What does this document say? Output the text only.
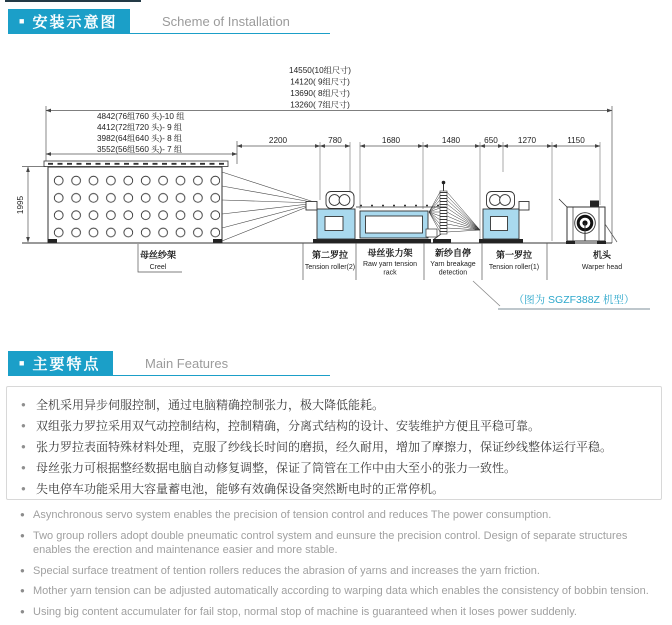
■ 安装示意图	Scheme of Installation
14550(10组尺寸)
14120( 9组尺寸)
13690( 8组尺寸)
13260( 7组尺寸)
4842(76组760 头)-10 组
4412(72组720 头)- 9 组
3982(64组640 头)- 8 组
3552(56组560 头)- 7 组
2200	780	1680	1480	650 1270	1150
1995
母丝纱架
Creel
第二罗拉
Tension roller(2)
母丝张力架
Raw yarn tension
rack
新纱自停
Yarn breakage
detection
第一罗拉
Tension roller(1)
机头
Warper head
（图为 SGZF388Z 机型）
■ 主要特点	Main Features
● 全机采用异步伺服控制，通过电脑精确控制张力，极大降低能耗。
● 双组张力罗拉采用双气动控制结构，控制精确，分离式结构的设计、安装维护方便且平稳可靠。
● 张力罗拉表面特殊材料处理，克服了纱线长时间的磨损，经久耐用，增加了摩擦力，保证纱线整体运行平稳。
● 母丝张力可根据整经数据电脑自动修复调整，保证了筒管在工作中由大至小的张力一致性。
● 失电停车功能采用大容量蓄电池，能够有效确保设备突然断电时的正常停机。
● Asynchronous servo system enables the precision of tension control and reduces The power consumption.
● Two group rollers adopt double pneumatic control system and eunsure the precision control. Design of separate structures enables the erection and maintenance easier and more stable.
● Special surface treatment of tention rollers reduces the abrasion of yarns and increases the yarn friction.
● Mother yarn tension can be adjusted automatically according to warping data which enables the consistency of bobbin tension.
● Using big content accumulater for fail stop, normal stop of machine is guaranteed when it loses power suddenly.
